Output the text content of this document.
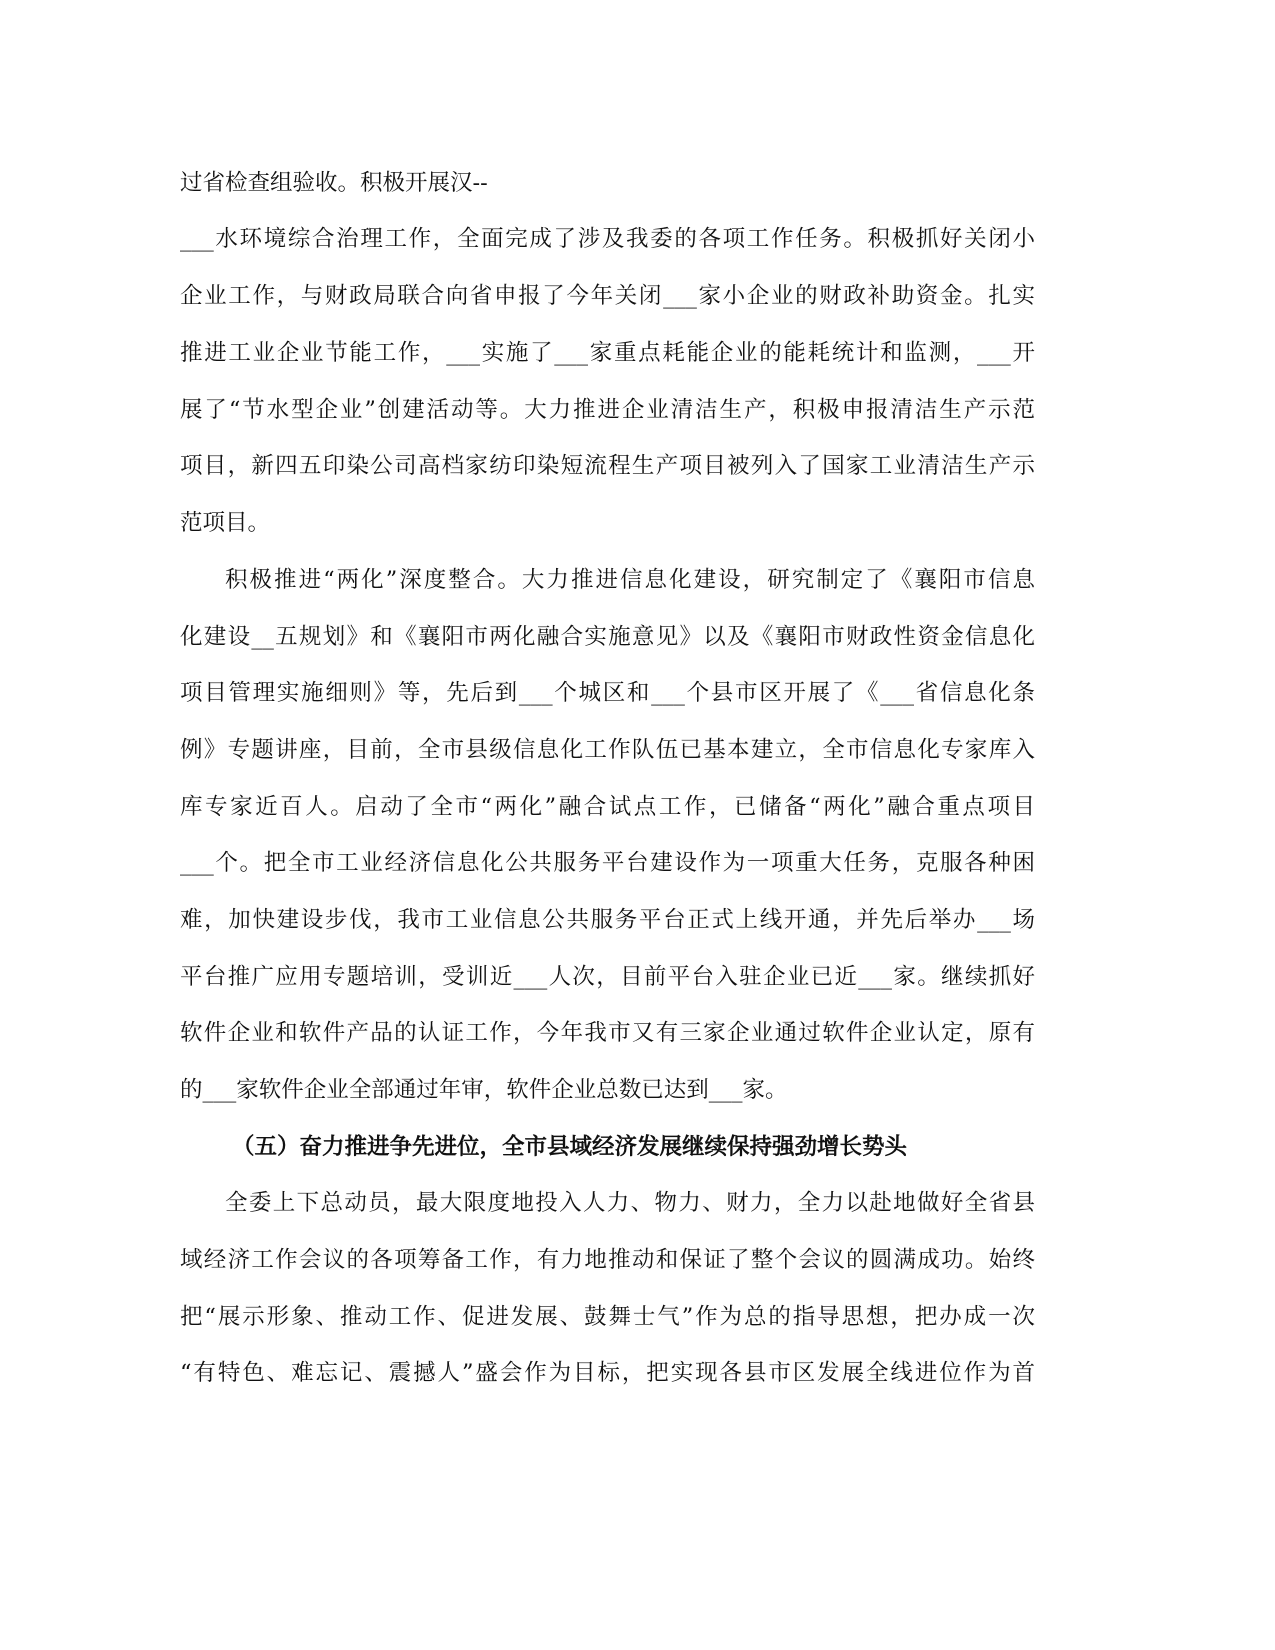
过省检查组验收。积极开展汉--
___水环境综合治理工作，全面完成了涉及我委的各项工作任务。积极抓好关闭小
企业工作，与财政局联合向省申报了今年关闭___家小企业的财政补助资金。扎实
推进工业企业节能工作，___实施了___家重点耗能企业的能耗统计和监测，___开
展了“节水型企业”创建活动等。大力推进企业清洁生产，积极申报清洁生产示范
项目，新四五印染公司高档家纺印染短流程生产项目被列入了国家工业清洁生产示
范项目。
积极推进“两化”深度整合。大力推进信息化建设，研究制定了《襄阳市信息
化建设__五规划》和《襄阳市两化融合实施意见》以及《襄阳市财政性资金信息化
项目管理实施细则》等，先后到___个城区和___个县市区开展了《___省信息化条
例》专题讲座，目前，全市县级信息化工作队伍已基本建立，全市信息化专家库入
库专家近百人。启动了全市“两化”融合试点工作，已储备“两化”融合重点项目
___个。把全市工业经济信息化公共服务平台建设作为一项重大任务，克服各种困
难，加快建设步伐，我市工业信息公共服务平台正式上线开通，并先后举办___场
平台推广应用专题培训，受训近___人次，目前平台入驻企业已近___家。继续抓好
软件企业和软件产品的认证工作，今年我市又有三家企业通过软件企业认定，原有
的___家软件企业全部通过年审，软件企业总数已达到___家。
（五）奋力推进争先进位，全市县域经济发展继续保持强劲增长势头
全委上下总动员，最大限度地投入人力、物力、财力，全力以赴地做好全省县
域经济工作会议的各项筹备工作，有力地推动和保证了整个会议的圆满成功。始终
把“展示形象、推动工作、促进发展、鼓舞士气”作为总的指导思想，把办成一次
“有特色、难忘记、震撼人”盛会作为目标，把实现各县市区发展全线进位作为首
